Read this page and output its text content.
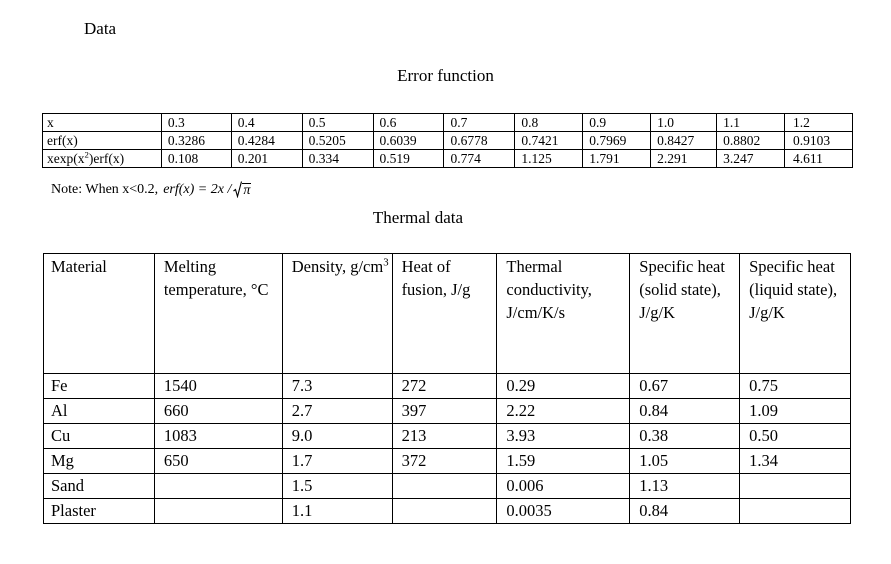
Data
Error function
x	0.3	0.4	0.5	0.6	0.7	0.8	0.9	1.0	1.1	1.2
erf(x)	0.3286	0.4284	0.5205	0.6039	0.6778	0.7421	0.7969	0.8427	0.8802	0.9103
$xexp(x^2)erf(x)$	0.108	0.201	0.334	0.519	0.774	1.125	1.791	2.291	3.247	4.611
Note: When x<0.2, erf(x) = 2x / π
Thermal data
Material	Melting temperature, °C	Density, $g/cm^3$	Heat of fusion, J/g	Thermal conductivity, J/cm/K/s	Specific heat (solid state), J/g/K	Specific heat (liquid state), J/g/K
Fe	1540	7.3	272	0.29	0.67	0.75
Al	660	2.7	397	2.22	0.84	1.09
Cu	1083	9.0	213	3.93	0.38	0.50
Mg	650	1.7	372	1.59	1.05	1.34
Sand		1.5		0.006	1.13	
Plaster		1.1		0.0035	0.84	
